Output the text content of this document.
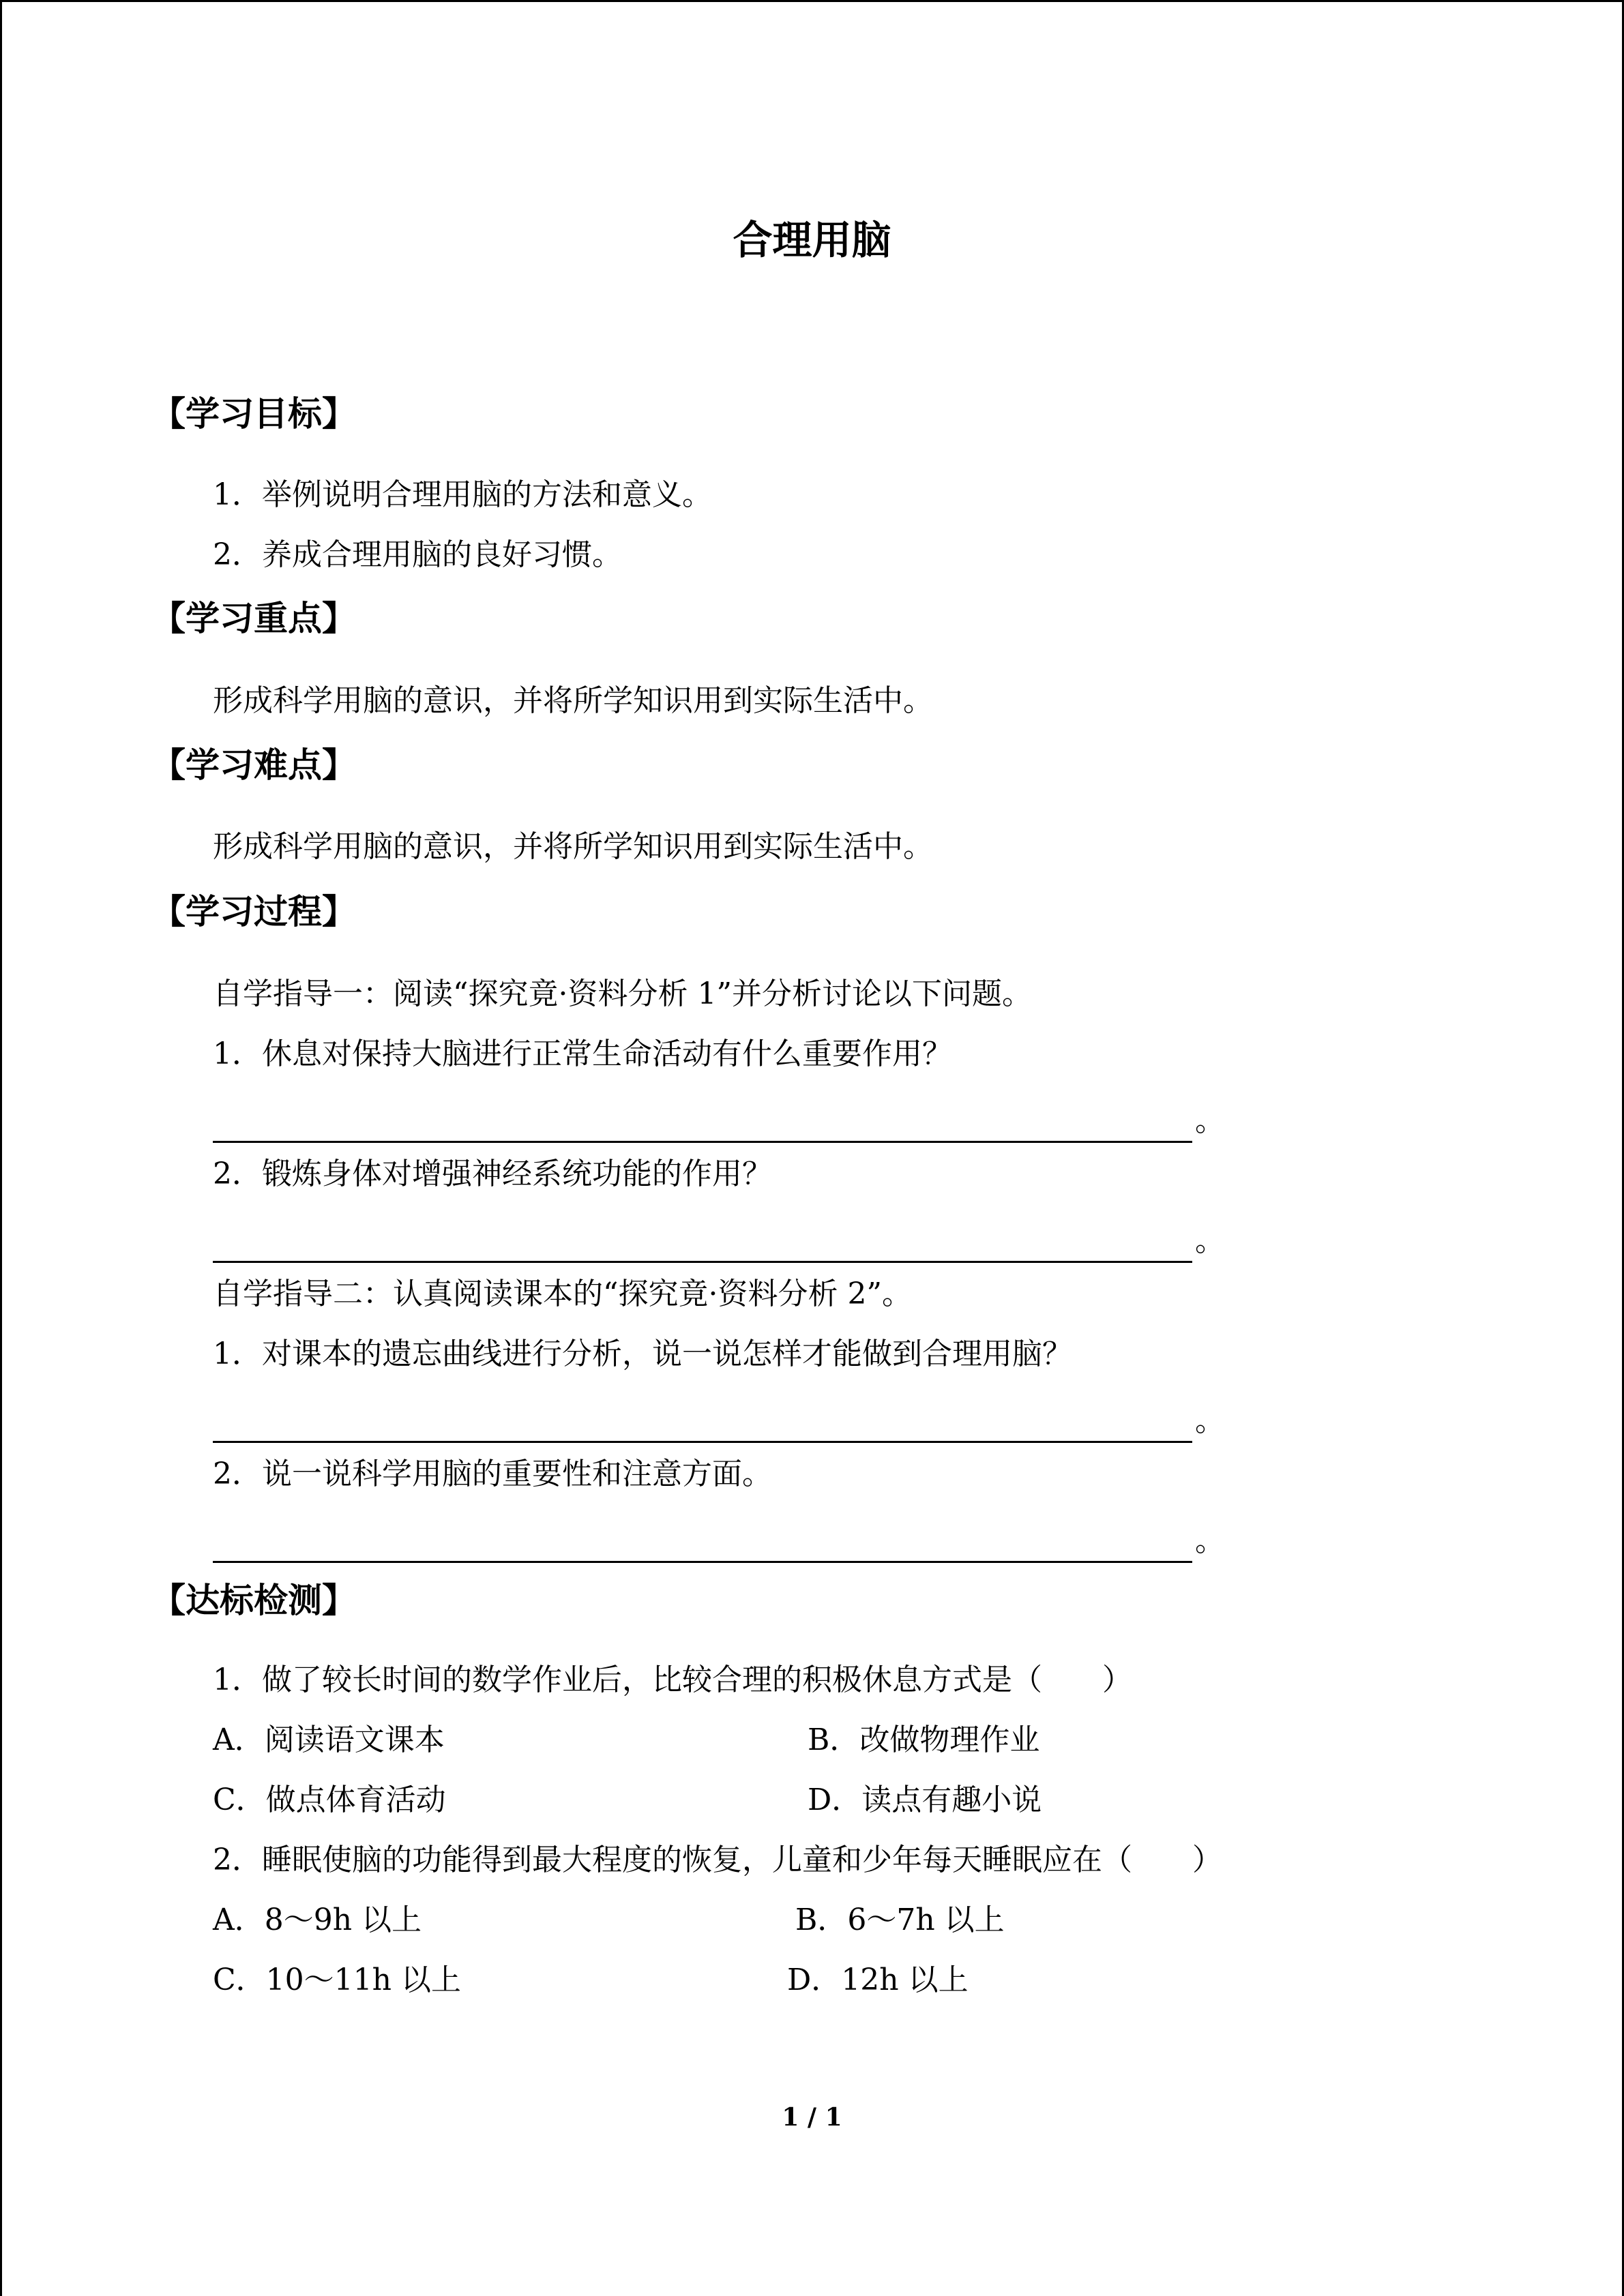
合理用脑
【学习目标】
1．举例说明合理用脑的方法和意义。
2．养成合理用脑的良好习惯。
【学习重点】
形成科学用脑的意识，并将所学知识用到实际生活中。
【学习难点】
形成科学用脑的意识，并将所学知识用到实际生活中。
【学习过程】
自学指导一：阅读“探究竟·资料分析 1”并分析讨论以下问题。
1．休息对保持大脑进行正常生命活动有什么重要作用？
。
2．锻炼身体对增强神经系统功能的作用？
。
自学指导二：认真阅读课本的“探究竟·资料分析 2”。
1．对课本的遗忘曲线进行分析，说一说怎样才能做到合理用脑？
。
2．说一说科学用脑的重要性和注意方面。
。
【达标检测】
1．做了较长时间的数学作业后，比较合理的积极休息方式是（　　）
A．阅读语文课本	B．改做物理作业
C．做点体育活动	D．读点有趣小说
2．睡眠使脑的功能得到最大程度的恢复，儿童和少年每天睡眠应在（　　）
A．8～9h 以上	B．6～7h 以上
C．10～11h 以上	D．12h 以上
1 / 1
